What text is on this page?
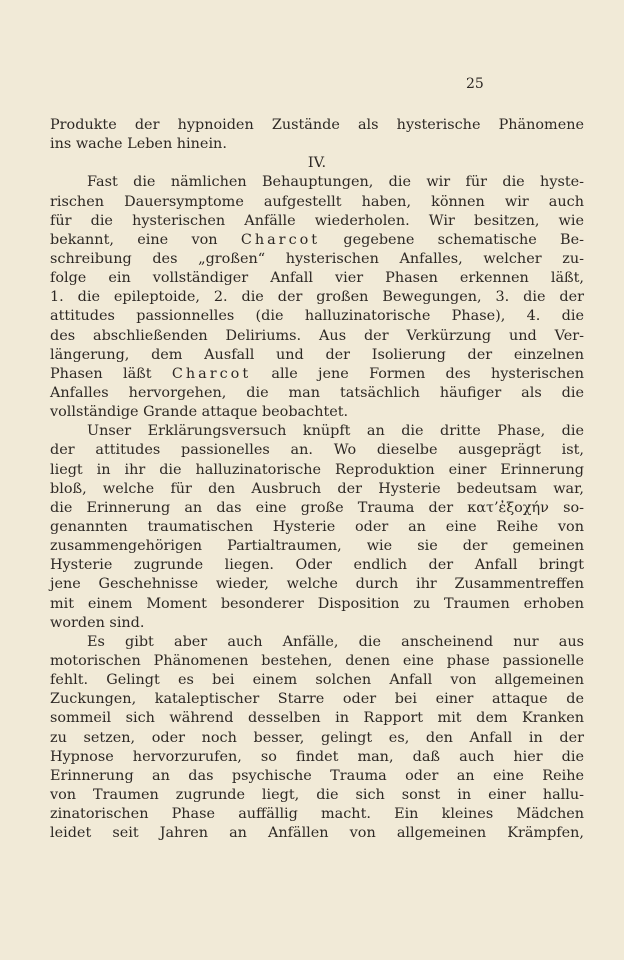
25
Produkte der hypnoiden Zustände als hysterische Phänomene
ins wache Leben hinein.
IV.
Fast die nämlichen Behauptungen, die wir für die hyste-
rischen Dauersymptome aufgestellt haben, können wir auch
für die hysterischen Anfälle wiederholen. Wir besitzen, wie
bekannt, eine von Charcot gegebene schematische Be-
schreibung des „großen“ hysterischen Anfalles, welcher zu-
folge ein vollständiger Anfall vier Phasen erkennen läßt,
1. die epileptoide, 2. die der großen Bewegungen, 3. die der
attitudes passionnelles (die halluzinatorische Phase), 4. die
des abschließenden Deliriums. Aus der Verkürzung und Ver-
längerung, dem Ausfall und der Isolierung der einzelnen
Phasen läßt Charcot alle jene Formen des hysterischen
Anfalles hervorgehen, die man tatsächlich häufiger als die
vollständige Grande attaque beobachtet.
Unser Erklärungsversuch knüpft an die dritte Phase, die
der attitudes passionelles an. Wo dieselbe ausgeprägt ist,
liegt in ihr die halluzinatorische Reproduktion einer Erinnerung
bloß, welche für den Ausbruch der Hysterie bedeutsam war,
die Erinnerung an das eine große Trauma der κατ’ἐξοχήν so-
genannten traumatischen Hysterie oder an eine Reihe von
zusammengehörigen Partialtraumen, wie sie der gemeinen
Hysterie zugrunde liegen. Oder endlich der Anfall bringt
jene Geschehnisse wieder, welche durch ihr Zusammentreffen
mit einem Moment besonderer Disposition zu Traumen erhoben
worden sind.
Es gibt aber auch Anfälle, die anscheinend nur aus
motorischen Phänomenen bestehen, denen eine phase passionelle
fehlt. Gelingt es bei einem solchen Anfall von allgemeinen
Zuckungen, kataleptischer Starre oder bei einer attaque de
sommeil sich während desselben in Rapport mit dem Kranken
zu setzen, oder noch besser, gelingt es, den Anfall in der
Hypnose hervorzurufen, so findet man, daß auch hier die
Erinnerung an das psychische Trauma oder an eine Reihe
von Traumen zugrunde liegt, die sich sonst in einer hallu-
zinatorischen Phase auffällig macht. Ein kleines Mädchen
leidet seit Jahren an Anfällen von allgemeinen Krämpfen,
